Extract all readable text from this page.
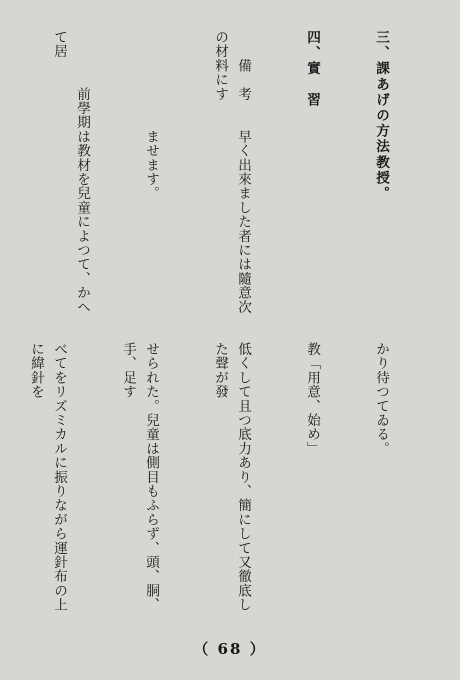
三、課あげの方法教授。

四、實　習

　　備　考　　早く出來ました者には隨意次の材料にす

　　　　　　　ませます。

　　　　前學期は教材を兒童によつて、かへて居

かり待つてゐる。

教「用意、始め」

低くして且つ底力あり、簡にして又徹底した聲が發

せられた。兒童は側目もふらず、頭、胴、手、足す

べてをリズミカルに振りながら運針布の上に緯針を

（ 68 ）
